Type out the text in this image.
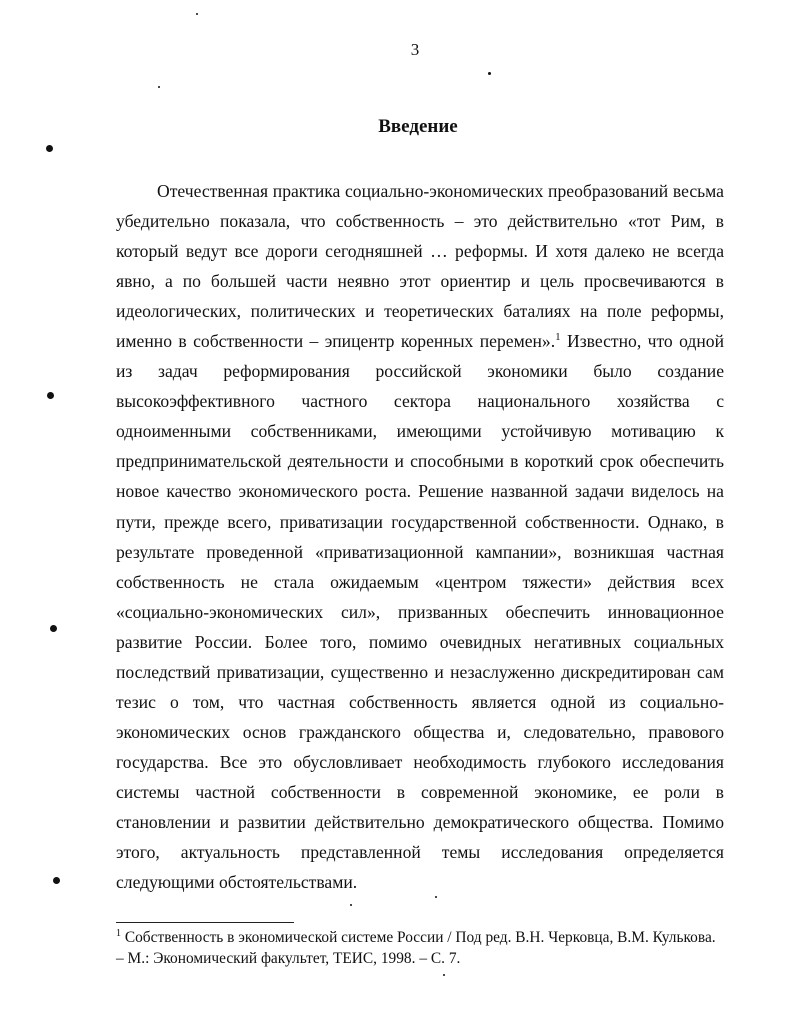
3
Введение

Отечественная практика социально-экономических преобразований весьма убедительно показала, что собственность – это действительно «тот Рим, в который ведут все дороги сегодняшней … реформы. И хотя далеко не всегда явно, а по большей части неявно этот ориентир и цель просвечиваются в идеологических, политических и теоретических баталиях на поле реформы, именно в собственности – эпицентр коренных перемен».$^1$ Известно, что одной из задач реформирования российской экономики было создание высокоэффективного частного сектора национального хозяйства с одноименными собственниками, имеющими устойчивую мотивацию к предпринимательской деятельности и способными в короткий срок обеспечить новое качество экономического роста. Решение названной задачи виделось на пути, прежде всего, приватизации государственной собственности. Однако, в результате проведенной «приватизационной кампании», возникшая частная собственность не стала ожидаемым «центром тяжести» действия всех «социально-экономических сил», призванных обеспечить инновационное развитие России. Более того, помимо очевидных негативных социальных последствий приватизации, существенно и незаслуженно дискредитирован сам тезис о том, что частная собственность является одной из социально-экономических основ гражданского общества и, следовательно, правового государства. Все это обусловливает необходимость глубокого исследования системы частной собственности в современной экономике, ее роли в становлении и развитии действительно демократического общества. Помимо этого, актуальность представленной темы исследования определяется следующими обстоятельствами.

$^1$ Собственность в экономической системе России / Под ред. В.Н. Черковца, В.М. Кулькова. – М.: Экономический факультет, ТЕИС, 1998. – С. 7.
